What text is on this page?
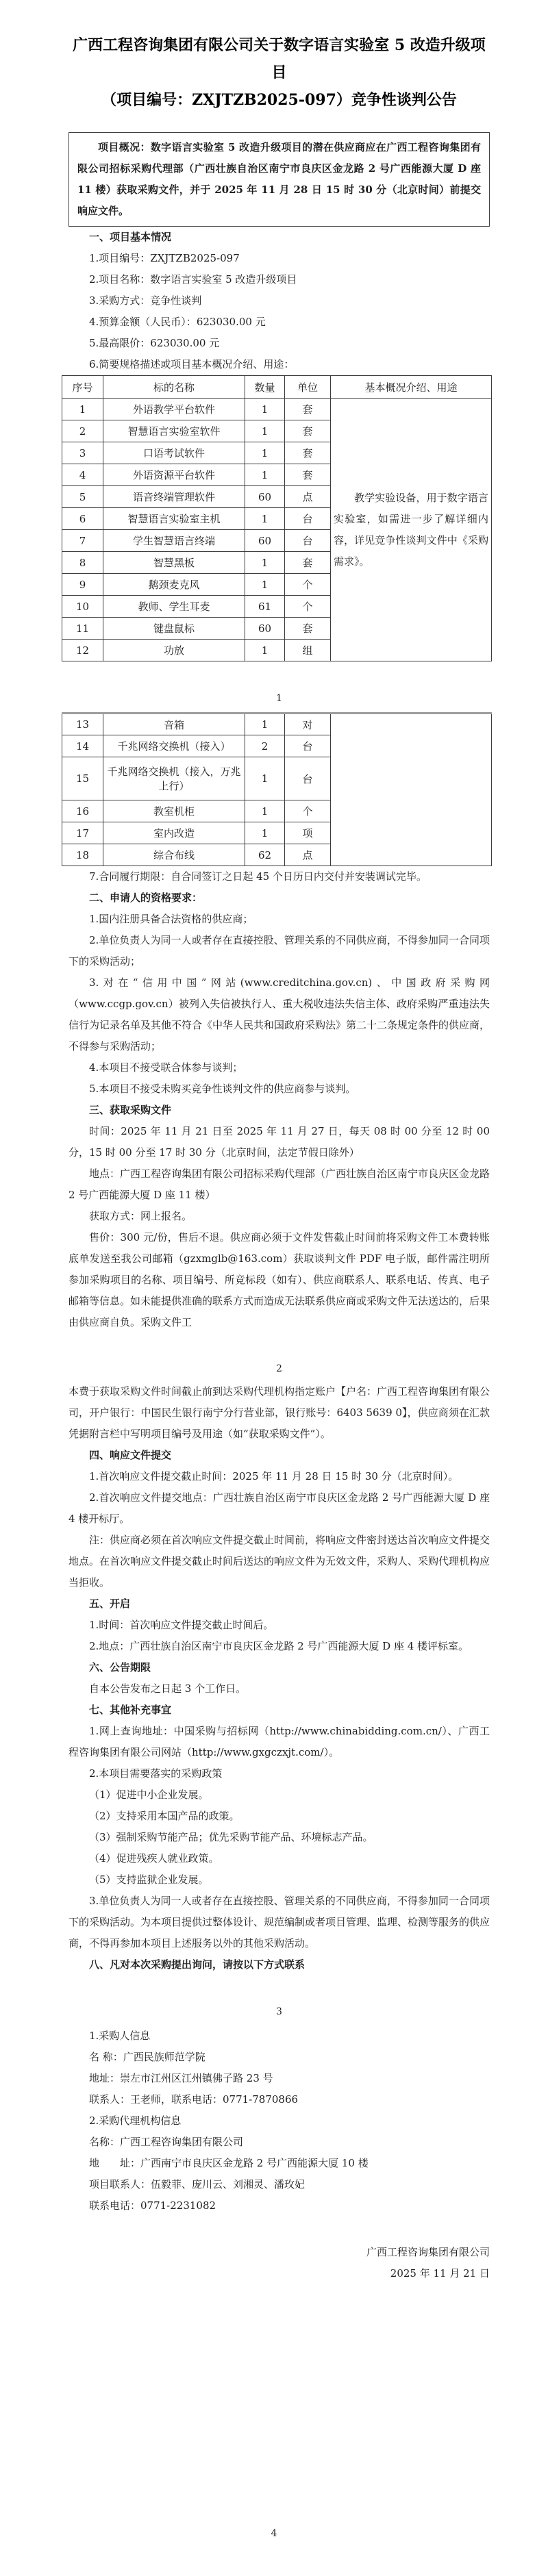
广西工程咨询集团有限公司关于数字语言实验室 5 改造升级项目
（项目编号：ZXJTZB2025-097）竞争性谈判公告

项目概况：数字语言实验室 5 改造升级项目的潜在供应商应在广西工程咨询集团有限公司招标采购代理部（广西壮族自治区南宁市良庆区金龙路 2 号广西能源大厦 D 座 11 楼）获取采购文件，并于 2025 年 11 月 28 日 15 时 30 分（北京时间）前提交响应文件。

一、项目基本情况

1.项目编号：ZXJTZB2025-097

2.项目名称：数字语言实验室 5 改造升级项目

3.采购方式：竞争性谈判

4.预算金额（人民币）：623030.00 元

5.最高限价：623030.00 元

6.简要规格描述或项目基本概况介绍、用途：

序号	标的名称	数量	单位	基本概况介绍、用途
1	外语教学平台软件	1	套	教学实验设备，用于数字语言实验室，如需进一步了解详细内容，详见竞争性谈判文件中《采购需求》。

2	智慧语言实验室软件	1	套	
3	口语考试软件	1	套	
4	外语资源平台软件	1	套	
5	语音终端管理软件	60	点	
6	智慧语言实验室主机	1	台	
7	学生智慧语言终端	60	台	
8	智慧黑板	1	套	
9	鹅颈麦克风	1	个	
10	教师、学生耳麦	61	个	
11	键盘鼠标	60	套	
12	功放	1	组	

1

13	音箱	1	对	
14	千兆网络交换机（接入）	2	台	
15	千兆网络交换机（接入，万兆上行）	1	台	
16	教室机柜	1	个	
17	室内改造	1	项	
18	综合布线	62	点	

7.合同履行期限：自合同签订之日起 45 个日历日内交付并安装调试完毕。

二、申请人的资格要求：

1.国内注册具备合法资格的供应商；

2.单位负责人为同一人或者存在直接控股、管理关系的不同供应商，不得参加同一合同项下的采购活动；

3.对在“信用中国”网站(www.creditchina.gov.cn)、中国政府采购网（www.ccgp.gov.cn）被列入失信被执行人、重大税收违法失信主体、政府采购严重违法失信行为记录名单及其他不符合《中华人民共和国政府采购法》第二十二条规定条件的供应商，不得参与采购活动；

4.本项目不接受联合体参与谈判；

5.本项目不接受未购买竞争性谈判文件的供应商参与谈判。

三、获取采购文件

时间：2025 年 11 月 21 日至 2025 年 11 月 27 日，每天 08 时 00 分至 12 时 00 分，15 时 00 分至 17 时 30 分（北京时间，法定节假日除外）

地点：广西工程咨询集团有限公司招标采购代理部（广西壮族自治区南宁市良庆区金龙路 2 号广西能源大厦 D 座 11 楼）

获取方式：网上报名。

售价：300 元/份，售后不退。供应商必须于文件发售截止时间前将采购文件工本费转账底单发送至我公司邮箱（gzxmglb@163.com）获取谈判文件 PDF 电子版，邮件需注明所参加采购项目的名称、项目编号、所竞标段（如有）、供应商联系人、联系电话、传真、电子邮箱等信息。如未能提供准确的联系方式而造成无法联系供应商或采购文件无法送达的，后果由供应商自负。采购文件工

2

本费于获取采购文件时间截止前到达采购代理机构指定账户【户名：广西工程咨询集团有限公司，开户银行：中国民生银行南宁分行营业部，银行账号：6403 5639 0】，供应商须在汇款凭据附言栏中写明项目编号及用途（如“获取采购文件”）。

四、响应文件提交

1.首次响应文件提交截止时间：2025 年 11 月 28 日 15 时 30 分（北京时间）。

2.首次响应文件提交地点：广西壮族自治区南宁市良庆区金龙路 2 号广西能源大厦 D 座 4 楼开标厅。

注：供应商必须在首次响应文件提交截止时间前，将响应文件密封送达首次响应文件提交地点。在首次响应文件提交截止时间后送达的响应文件为无效文件，采购人、采购代理机构应当拒收。

五、开启

1.时间：首次响应文件提交截止时间后。

2.地点：广西壮族自治区南宁市良庆区金龙路 2 号广西能源大厦 D 座 4 楼评标室。

六、公告期限

自本公告发布之日起 3 个工作日。

七、其他补充事宜

1.网上查询地址：中国采购与招标网（http://www.chinabidding.com.cn/）、广西工程咨询集团有限公司网站（http://www.gxgczxjt.com/）。

2.本项目需要落实的采购政策

（1）促进中小企业发展。

（2）支持采用本国产品的政策。

（3）强制采购节能产品；优先采购节能产品、环境标志产品。

（4）促进残疾人就业政策。

（5）支持监狱企业发展。

3.单位负责人为同一人或者存在直接控股、管理关系的不同供应商，不得参加同一合同项下的采购活动。为本项目提供过整体设计、规范编制或者项目管理、监理、检测等服务的供应商，不得再参加本项目上述服务以外的其他采购活动。

八、凡对本次采购提出询问，请按以下方式联系

3

1.采购人信息

名 称：广西民族师范学院

地址：崇左市江州区江州镇佛子路 23 号

联系人：王老师，联系电话：0771-7870866

2.采购代理机构信息

名称：广西工程咨询集团有限公司

地　　址：广西南宁市良庆区金龙路 2 号广西能源大厦 10 楼

项目联系人：伍毅菲、庞川云、刘湘灵、潘玫妃

联系电话：0771-2231082

广西工程咨询集团有限公司

2025 年 11 月 21 日

4
